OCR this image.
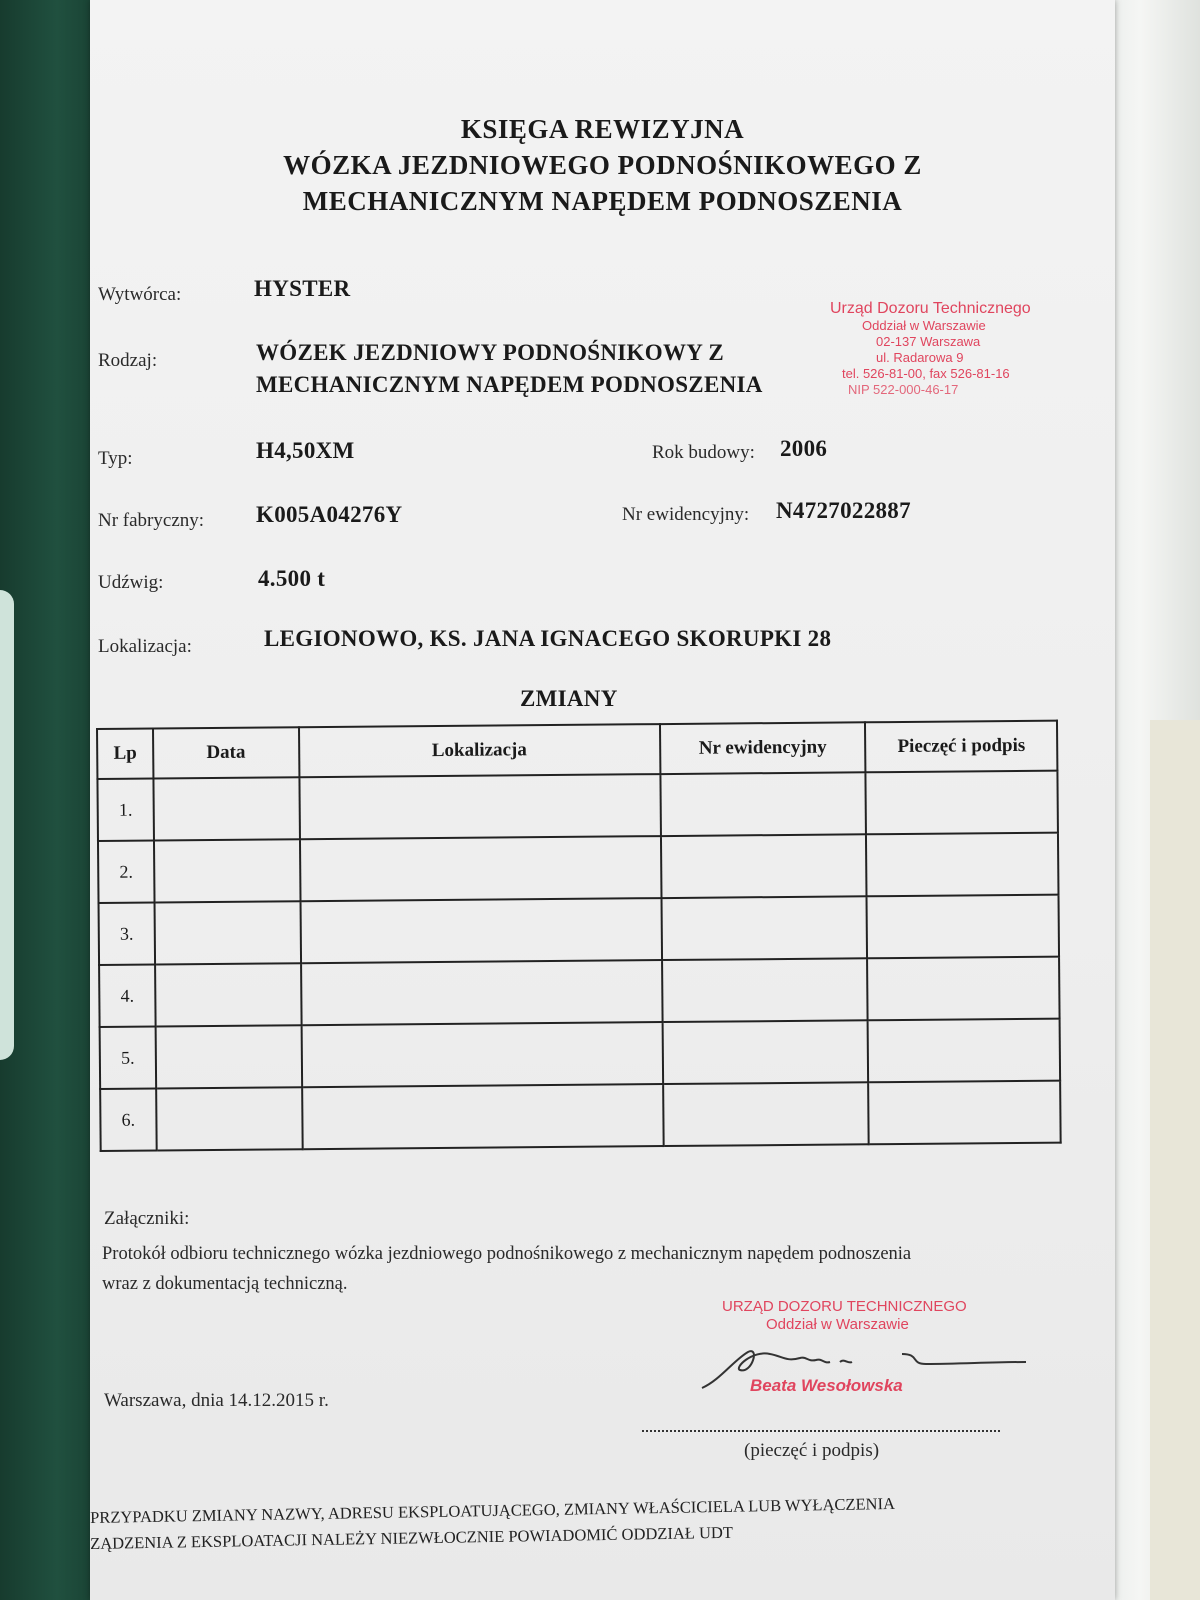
KSIĘGA REWIZYJNA
WÓZKA JEZDNIOWEGO PODNOŚNIKOWEGO Z
MECHANICZNYM NAPĘDEM PODNOSZENIA
Wytwórca:	HYSTER
Rodzaj:	WÓZEK JEZDNIOWY PODNOŚNIKOWY Z
MECHANICZNYM NAPĘDEM PODNOSZENIA
Urząd Dozoru Technicznego
Oddział w Warszawie
02-137 Warszawa
ul. Radarowa 9
tel. 526-81-00, fax 526-81-16
NIP 522-000-46-17
Typ:	H4,50XM	Rok budowy: 2006
Nr fabryczny: K005A04276Y	Nr ewidencyjny: N4727022887
Udźwig:	4.500 t
Lokalizacja:	LEGIONOWO, KS. JANA IGNACEGO SKORUPKI 28
ZMIANY
Lp	Data	Lokalizacja	Nr ewidencyjny	Pieczęć i podpis
1.				
2.				
3.				
4.				
5.				
6.				
Załączniki:
Protokół odbioru technicznego wózka jezdniowego podnośnikowego z mechanicznym napędem podnoszenia
wraz z dokumentacją techniczną.
URZĄD DOZORU TECHNICZNEGO
Oddział w Warszawie
Beata Wesołowska
Warszawa, dnia 14.12.2015 r.
(pieczęć i podpis)
PRZYPADKU ZMIANY NAZWY, ADRESU EKSPLOATUJĄCEGO, ZMIANY WŁAŚCICIELA LUB WYŁĄCZENIA
ZĄDZENIA Z EKSPLOATACJI NALEŻY NIEZWŁOCZNIE POWIADOMIĆ ODDZIAŁ UDT
